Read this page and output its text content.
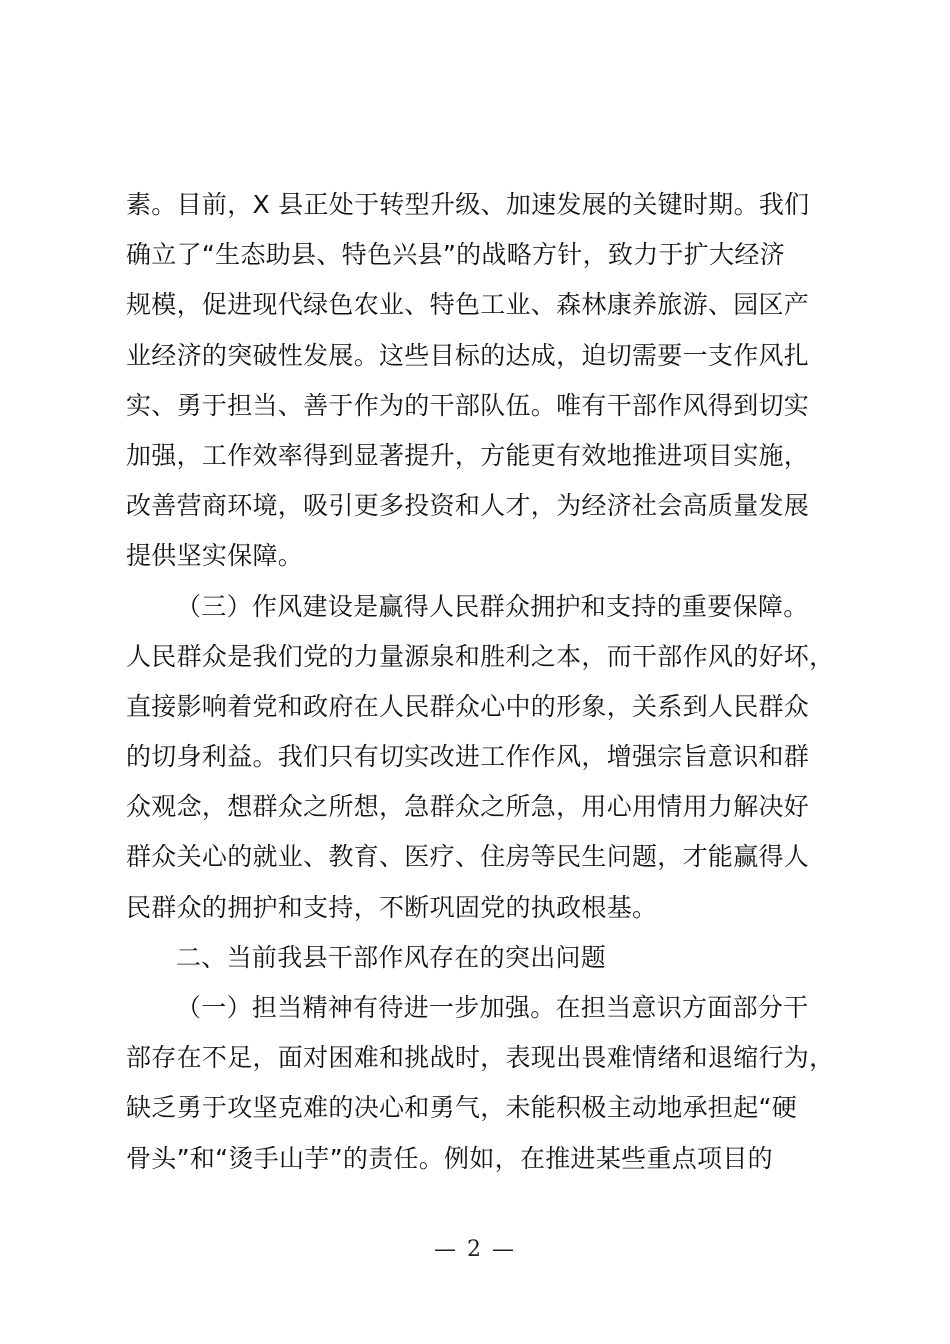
素。目前，X 县正处于转型升级、加速发展的关键时期。我们
确立了“生态助县、特色兴县”的战略方针，致力于扩大经济
规模，促进现代绿色农业、特色工业、森林康养旅游、园区产
业经济的突破性发展。这些目标的达成，迫切需要一支作风扎
实、勇于担当、善于作为的干部队伍。唯有干部作风得到切实
加强，工作效率得到显著提升，方能更有效地推进项目实施，
改善营商环境，吸引更多投资和人才，为经济社会高质量发展
提供坚实保障。
（三）作风建设是赢得人民群众拥护和支持的重要保障。
人民群众是我们党的力量源泉和胜利之本，而干部作风的好坏，
直接影响着党和政府在人民群众心中的形象，关系到人民群众
的切身利益。我们只有切实改进工作作风，增强宗旨意识和群
众观念，想群众之所想，急群众之所急，用心用情用力解决好
群众关心的就业、教育、医疗、住房等民生问题，才能赢得人
民群众的拥护和支持，不断巩固党的执政根基。
二、当前我县干部作风存在的突出问题
（一）担当精神有待进一步加强。在担当意识方面部分干
部存在不足，面对困难和挑战时，表现出畏难情绪和退缩行为，
缺乏勇于攻坚克难的决心和勇气，未能积极主动地承担起“硬
骨头”和“烫手山芋”的责任。例如，在推进某些重点项目的
— 2 —
